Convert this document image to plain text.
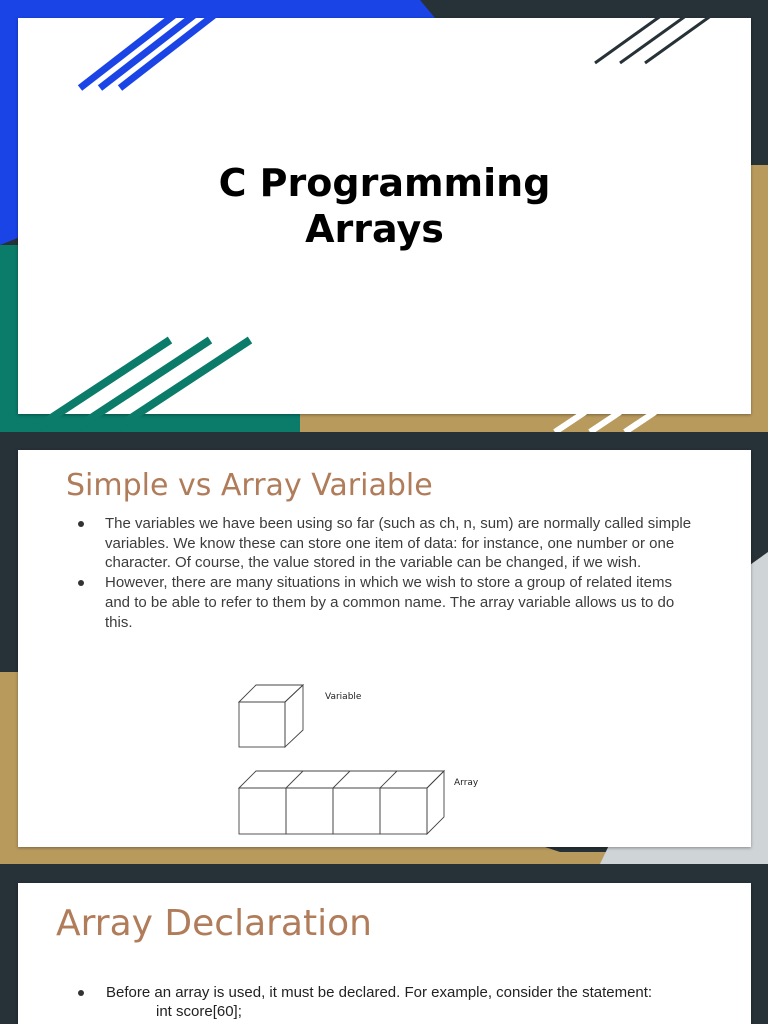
C Programming
Arrays
Simple vs Array Variable
The variables we have been using so far (such as ch, n, sum) are normally called simple variables. We know these can store one item of data: for instance, one number or one character. Of course, the value stored in the variable can be changed, if we wish.
However, there are many situations in which we wish to store a group of related items and to be able to refer to them by a common name. The array variable allows us to do this.
Variable
Array
Array Declaration
Before an array is used, it must be declared. For example, consider the statement:
int score[60];
